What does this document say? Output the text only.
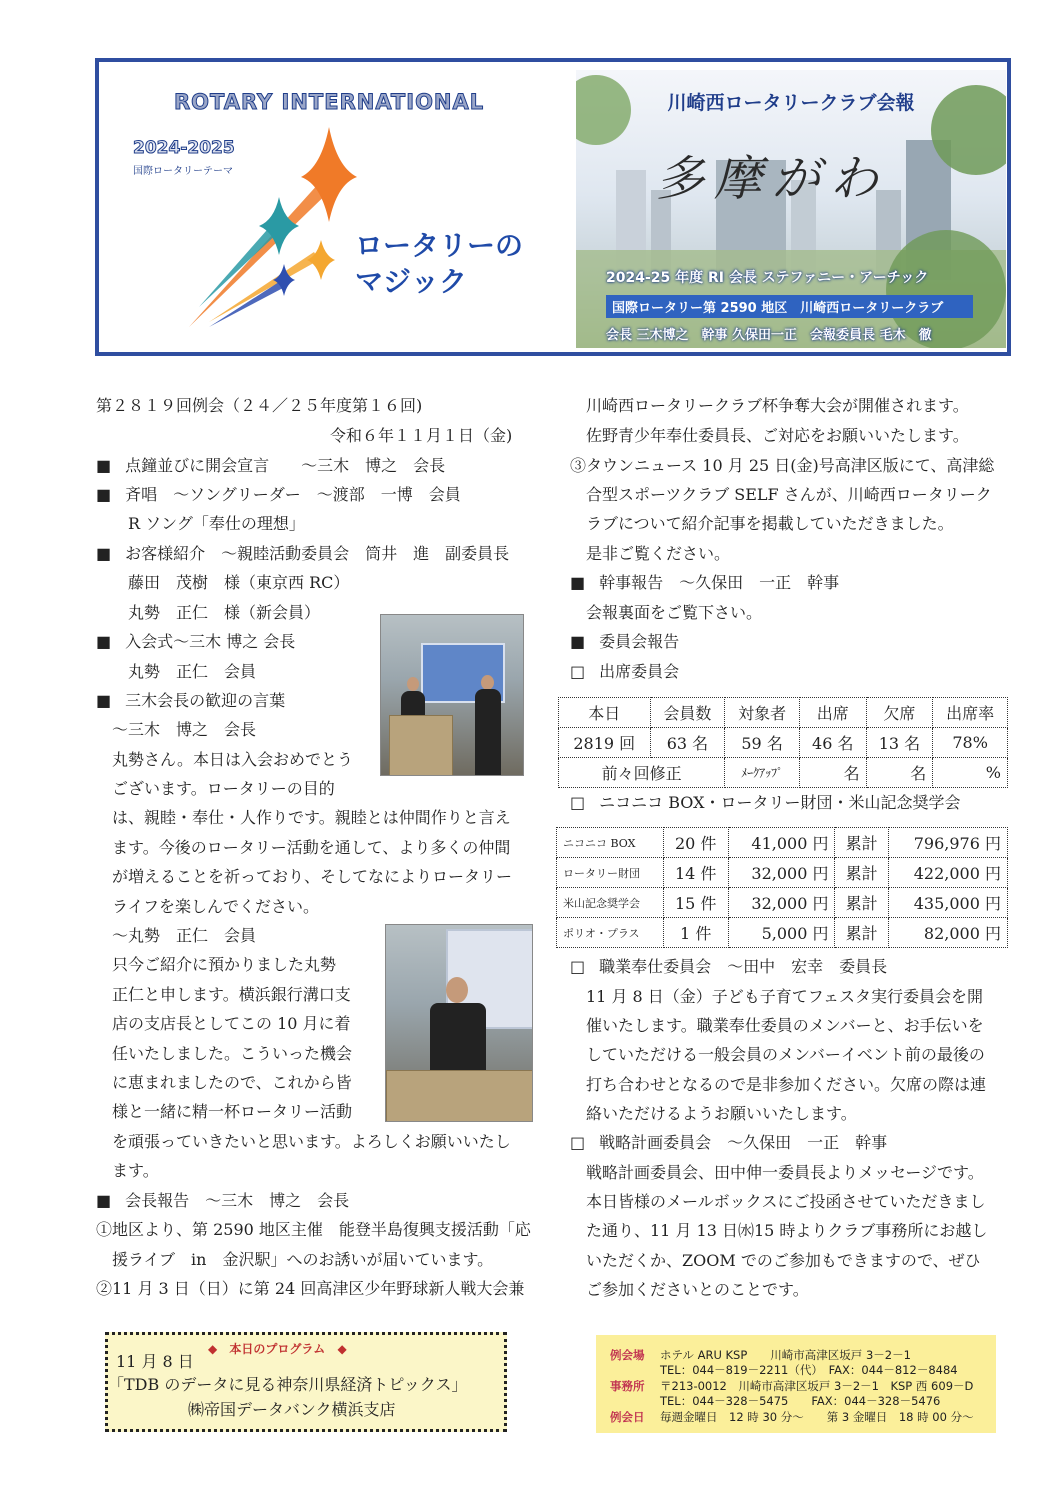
ROTARY INTERNATIONAL
2024-2025
国際ロータリーテーマ
ロータリーの
マジック
川崎西ロータリークラブ会報
多摩がわ
2024-25 年度 RI 会長 ステファニー・アーチック
国際ロータリー第 2590 地区　川崎西ロータリークラブ
会長 三木博之　幹事 久保田一正　会報委員長 毛木　徹
第２８１９回例会（２４／２５年度第１６回)
令和６年１１月１日（金)
■ 点鐘並びに開会宣言　　～三木　博之　会長
■ 斉唱　～ソングリーダー　～渡部　一博　会員
R ソング「奉仕の理想」
■ お客様紹介　～親睦活動委員会　筒井　進　副委員長
藤田　茂樹　様（東京西 RC）
丸勢　正仁　様（新会員）
■ 入会式～三木 博之 会長
丸勢　正仁　会員
■ 三木会長の歓迎の言葉
～三木　博之　会長
丸勢さん。本日は入会おめでとう
ございます。ロータリーの目的
は、親睦・奉仕・人作りです。親睦とは仲間作りと言え
ます。今後のロータリー活動を通して、より多くの仲間
が増えることを祈っており、そしてなによりロータリー
ライフを楽しんでください。
～丸勢　正仁　会員
只今ご紹介に預かりました丸勢
正仁と申します。横浜銀行溝口支
店の支店長としてこの 10 月に着
任いたしました。こういった機会
に恵まれましたので、これから皆
様と一緒に精一杯ロータリー活動
を頑張っていきたいと思います。よろしくお願いいたし
ます。
■ 会長報告　～三木　博之　会長
①地区より、第 2590 地区主催　能登半島復興支援活動「応
援ライブ　in　金沢駅」へのお誘いが届いています。
②11 月 3 日（日）に第 24 回高津区少年野球新人戦大会兼
川崎西ロータリークラブ杯争奪大会が開催されます。
佐野青少年奉仕委員長、ご対応をお願いいたします。
③タウンニュース 10 月 25 日(金)号高津区版にて、高津総
合型スポーツクラブ SELF さんが、川崎西ロータリーク
ラブについて紹介記事を掲載していただきました。
是非ご覧ください。
■ 幹事報告　～久保田　一正　幹事
会報裏面をご覧下さい。
■ 委員会報告
□ 出席委員会
本日	会員数	対象者	出席	欠席	出席率
2819 回	63 名	59 名	46 名	13 名	78%
前々回修正		ﾒｰｸｱｯﾌﾟ	名	名	%
□ ニコニコ BOX・ロータリー財団・米山記念奨学会
ニコニコ BOX	20 件	41,000 円	累計	796,976 円
ロータリー財団	14 件	32,000 円	累計	422,000 円
米山記念奨学会	15 件	32,000 円	累計	435,000 円
ポリオ・プラス	1 件	5,000 円	累計	82,000 円
□ 職業奉仕委員会　～田中　宏幸　委員長
11 月 8 日（金）子ども子育てフェスタ実行委員会を開
催いたします。職業奉仕委員のメンバーと、お手伝いを
していただける一般会員のメンバーイベント前の最後の
打ち合わせとなるので是非参加ください。欠席の際は連
絡いただけるようお願いいたします。
□ 戦略計画委員会　～久保田　一正　幹事
戦略計画委員会、田中伸一委員長よりメッセージです。
本日皆様のメールボックスにご投函させていただきまし
た通り、11 月 13 日㈬15 時よりクラブ事務所にお越し
いただくか、ZOOM でのご参加もできますので、ぜひ
ご参加くださいとのことです。
◆ 本日のプログラム ◆
11 月 8 日
「TDB のデータに見る神奈川県経済トピックス」
㈱帝国データバンク横浜支店
例会場 ホテル ARU KSP　　川崎市高津区坂戸 3－2－1
TEL：044－819－2211（代）　FAX：044－812－8484
事務所 〒213-0012　川崎市高津区坂戸 3－2－1　KSP 西 609－D
TEL：044－328－5475　　FAX：044－328－5476
例会日 毎週金曜日　12 時 30 分～　　第 3 金曜日　18 時 00 分～
